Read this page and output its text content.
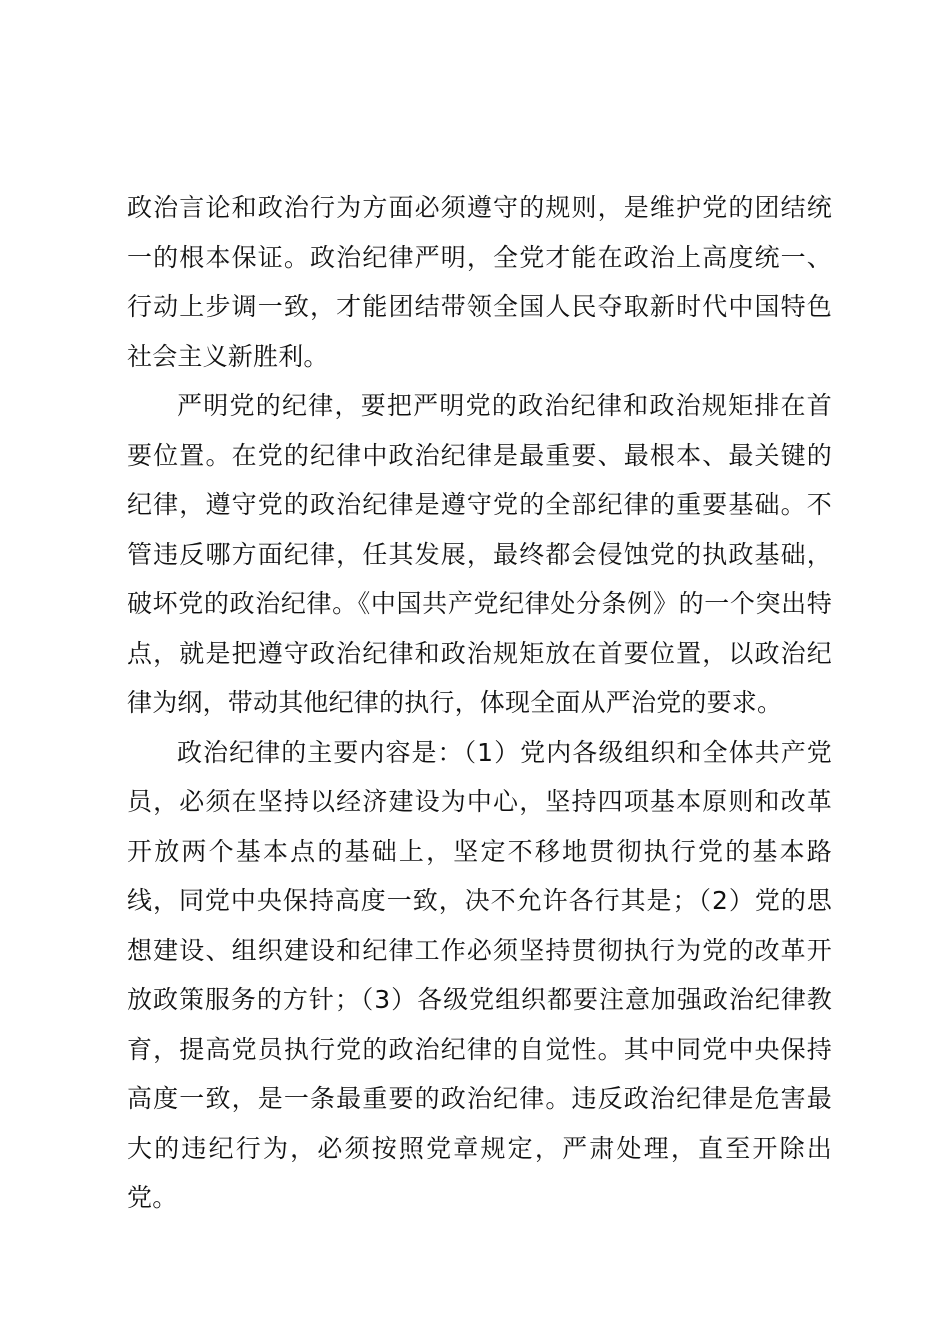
政治言论和政治行为方面必须遵守的规则，是维护党的团结统一的根本保证。政治纪律严明，全党才能在政治上高度统一、行动上步调一致，才能团结带领全国人民夺取新时代中国特色社会主义新胜利。

严明党的纪律，要把严明党的政治纪律和政治规矩排在首要位置。在党的纪律中政治纪律是最重要、最根本、最关键的纪律，遵守党的政治纪律是遵守党的全部纪律的重要基础。不管违反哪方面纪律，任其发展，最终都会侵蚀党的执政基础，破坏党的政治纪律。《中国共产党纪律处分条例》的一个突出特点，就是把遵守政治纪律和政治规矩放在首要位置，以政治纪律为纲，带动其他纪律的执行，体现全面从严治党的要求。

政治纪律的主要内容是：（1）党内各级组织和全体共产党员，必须在坚持以经济建设为中心，坚持四项基本原则和改革开放两个基本点的基础上，坚定不移地贯彻执行党的基本路线，同党中央保持高度一致，决不允许各行其是；（2）党的思想建设、组织建设和纪律工作必须坚持贯彻执行为党的改革开放政策服务的方针；（3）各级党组织都要注意加强政治纪律教育，提高党员执行党的政治纪律的自觉性。其中同党中央保持高度一致，是一条最重要的政治纪律。违反政治纪律是危害最大的违纪行为，必须按照党章规定，严肃处理，直至开除出党。
